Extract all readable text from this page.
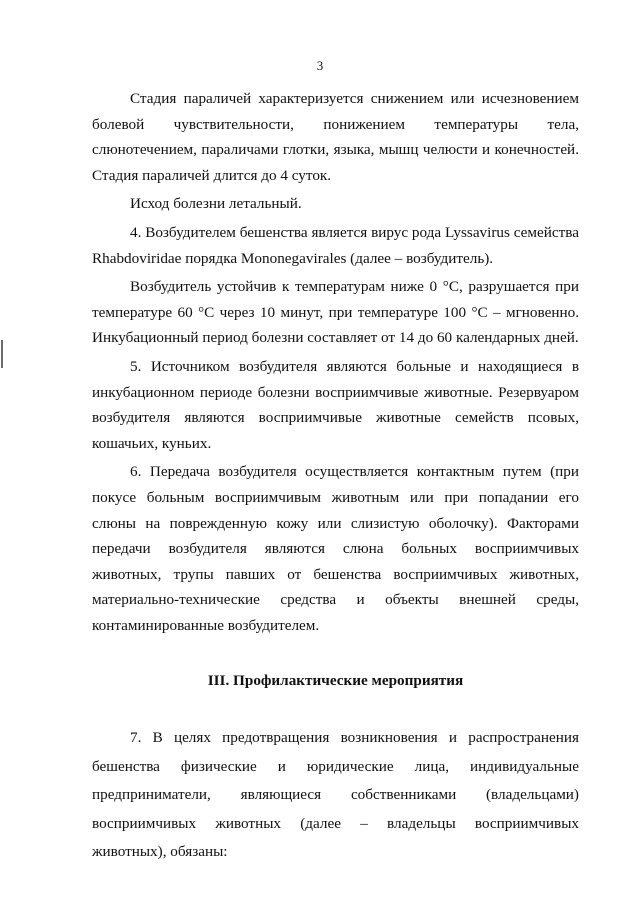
3

Стадия параличей характеризуется снижением или исчезновением болевой чувствительности, понижением температуры тела, слюнотечением, параличами глотки, языка, мышц челюсти и конечностей. Стадия параличей длится до 4 суток.

Исход болезни летальный.

4. Возбудителем бешенства является вирус рода Lyssavirus семейства Rhabdoviridae порядка Mononegavirales (далее – возбудитель).

Возбудитель устойчив к температурам ниже 0 °С, разрушается при температуре 60 °С через 10 минут, при температуре 100 °С – мгновенно. Инкубационный период болезни составляет от 14 до 60 календарных дней.

5. Источником возбудителя являются больные и находящиеся в инкубационном периоде болезни восприимчивые животные. Резервуаром возбудителя являются восприимчивые животные семейств псовых, кошачьих, куньих.

6. Передача возбудителя осуществляется контактным путем (при покусе больным восприимчивым животным или при попадании его слюны на поврежденную кожу или слизистую оболочку). Факторами передачи возбудителя являются слюна больных восприимчивых животных, трупы павших от бешенства восприимчивых животных, материально-технические средства и объекты внешней среды, контаминированные возбудителем.

III. Профилактические мероприятия

7. В целях предотвращения возникновения и распространения бешенства физические и юридические лица, индивидуальные предприниматели, являющиеся собственниками (владельцами) восприимчивых животных (далее – владельцы восприимчивых животных), обязаны:
